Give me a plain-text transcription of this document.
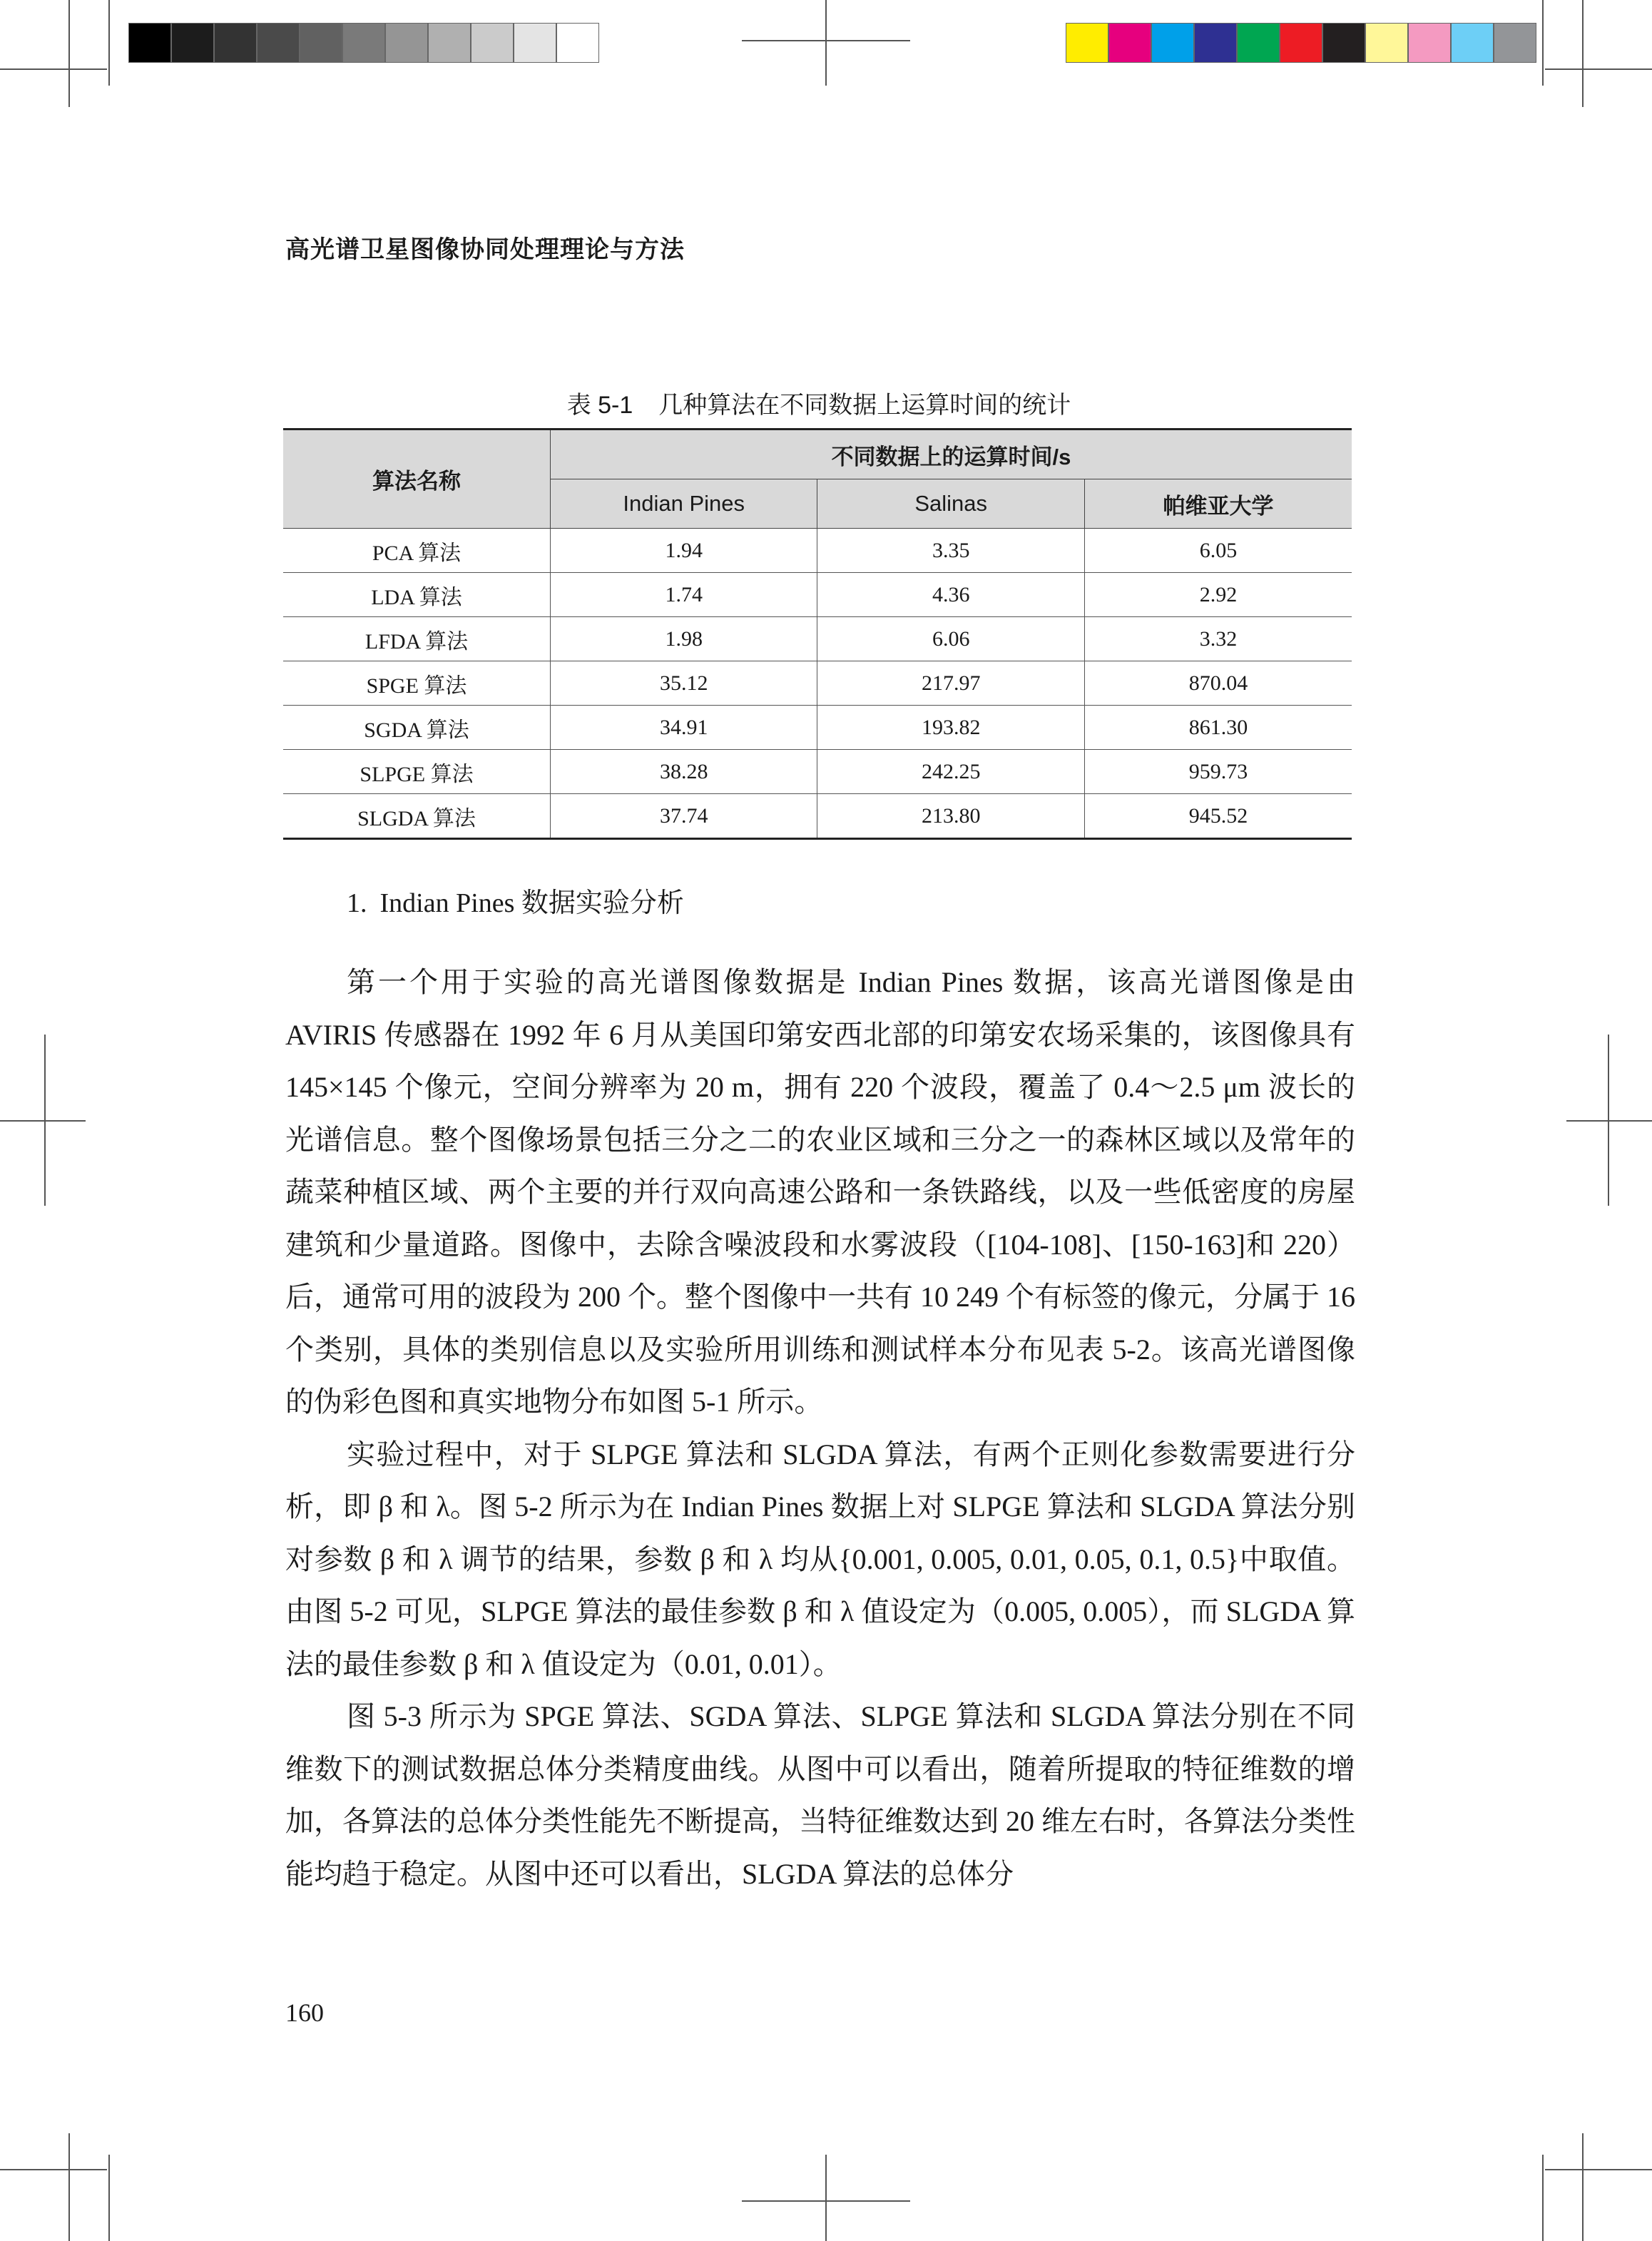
高光谱卫星图像协同处理理论与方法
表 5-1 几种算法在不同数据上运算时间的统计
算法名称	不同数据上的运算时间/s		
	Indian Pines	Salinas	帕维亚大学
PCA 算法	1.94	3.35	6.05
LDA 算法	1.74	4.36	2.92
LFDA 算法	1.98	6.06	3.32
SPGE 算法	35.12	217.97	870.04
SGDA 算法	34.91	193.82	861.30
SLPGE 算法	38.28	242.25	959.73
SLGDA 算法	37.74	213.80	945.52
1. Indian Pines 数据实验分析

第一个用于实验的高光谱图像数据是 Indian Pines 数据，该高光谱图像是由 AVIRIS 传感器在 1992 年 6 月从美国印第安西北部的印第安农场采集的，该图像具有 145×145 个像元，空间分辨率为 20 m，拥有 220 个波段，覆盖了 0.4～2.5 μm 波长的光谱信息。整个图像场景包括三分之二的农业区域和三分之一的森林区域以及常年的蔬菜种植区域、两个主要的并行双向高速公路和一条铁路线，以及一些低密度的房屋建筑和少量道路。图像中，去除含噪波段和水雾波段（[104-108]、[150-163]和 220）后，通常可用的波段为 200 个。整个图像中一共有 10 249 个有标签的像元，分属于 16 个类别，具体的类别信息以及实验所用训练和测试样本分布见表 5-2。该高光谱图像的伪彩色图和真实地物分布如图 5-1 所示。

实验过程中，对于 SLPGE 算法和 SLGDA 算法，有两个正则化参数需要进行分析，即 β 和 λ。图 5-2 所示为在 Indian Pines 数据上对 SLPGE 算法和 SLGDA 算法分别对参数 β 和 λ 调节的结果，参数 β 和 λ 均从{0.001, 0.005, 0.01, 0.05, 0.1, 0.5}中取值。由图 5-2 可见，SLPGE 算法的最佳参数 β 和 λ 值设定为（0.005, 0.005），而 SLGDA 算法的最佳参数 β 和 λ 值设定为（0.01, 0.01）。

图 5-3 所示为 SPGE 算法、SGDA 算法、SLPGE 算法和 SLGDA 算法分别在不同维数下的测试数据总体分类精度曲线。从图中可以看出，随着所提取的特征维数的增加，各算法的总体分类性能先不断提高，当特征维数达到 20 维左右时，各算法分类性能均趋于稳定。从图中还可以看出，SLGDA 算法的总体分

160
